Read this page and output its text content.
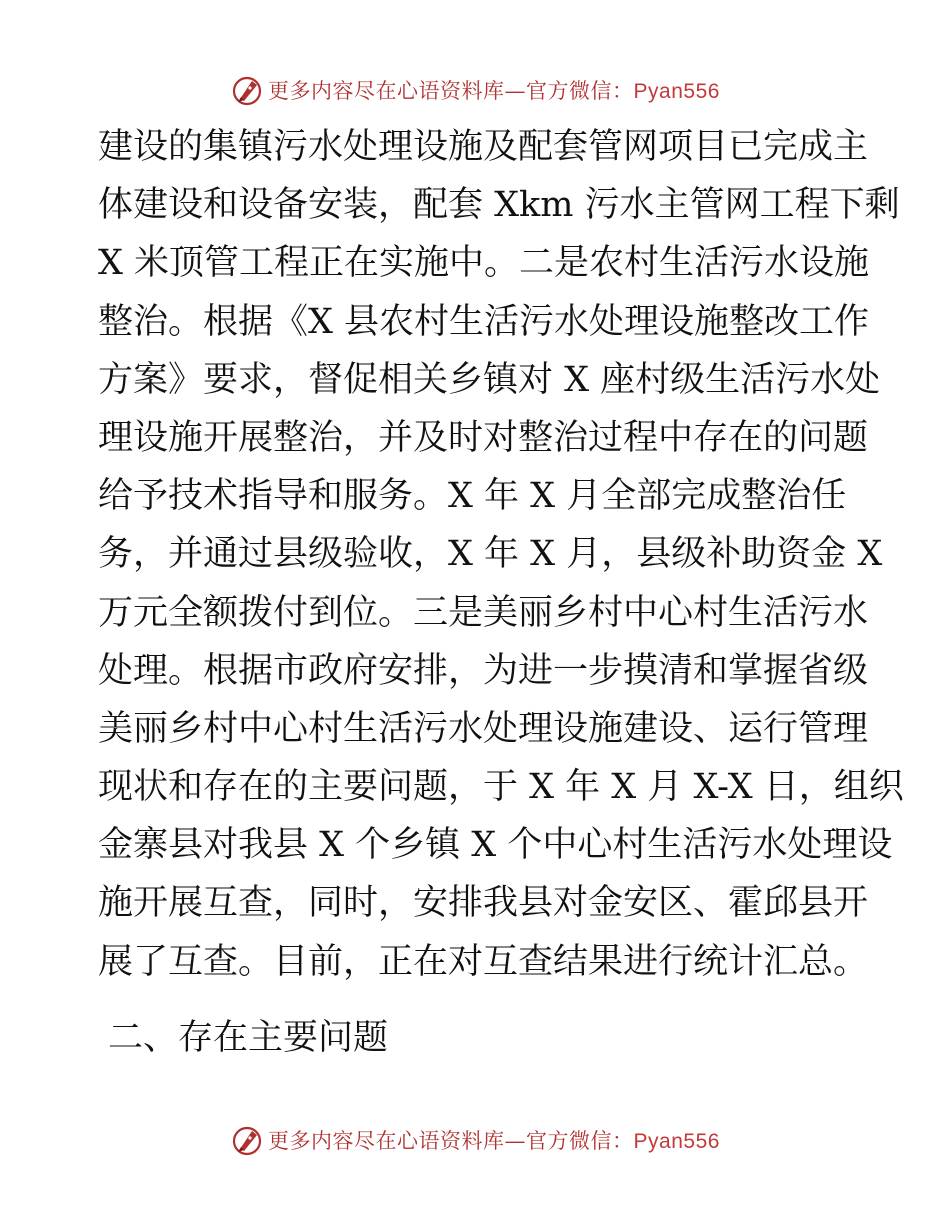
更多内容尽在心语资料库—官方微信：Pyan556
建设的集镇污水处理设施及配套管网项目已完成主
体建设和设备安装，配套 Xkm 污水主管网工程下剩
X 米顶管工程正在实施中。二是农村生活污水设施
整治。根据《X 县农村生活污水处理设施整改工作
方案》要求，督促相关乡镇对 X 座村级生活污水处
理设施开展整治，并及时对整治过程中存在的问题
给予技术指导和服务。X 年 X 月全部完成整治任
务，并通过县级验收，X 年 X 月，县级补助资金 X
万元全额拨付到位。三是美丽乡村中心村生活污水
处理。根据市政府安排，为进一步摸清和掌握省级
美丽乡村中心村生活污水处理设施建设、运行管理
现状和存在的主要问题，于 X 年 X 月 X-X 日，组织
金寨县对我县 X 个乡镇 X 个中心村生活污水处理设
施开展互查，同时，安排我县对金安区、霍邱县开
展了互查。目前，正在对互查结果进行统计汇总。
二、存在主要问题
更多内容尽在心语资料库—官方微信：Pyan556
